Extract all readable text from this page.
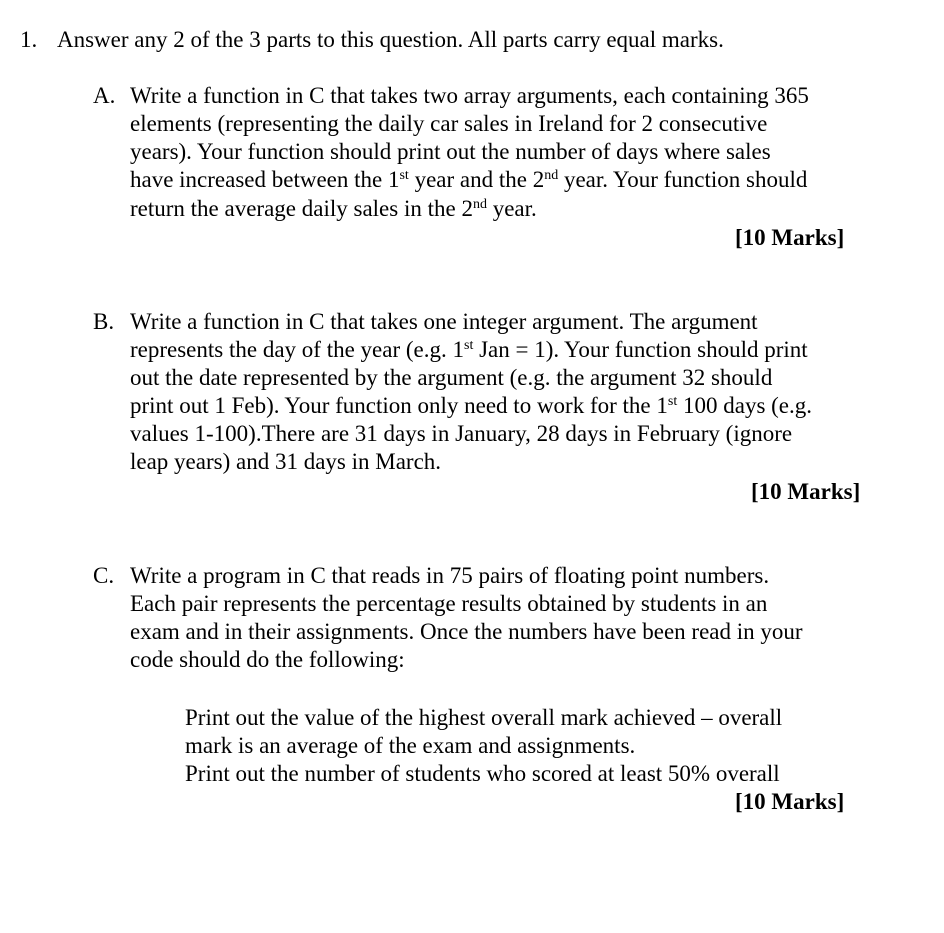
1. Answer any 2 of the 3 parts to this question. All parts carry equal marks.
A. Write a function in C that takes two array arguments, each containing 365
elements (representing the daily car sales in Ireland for 2 consecutive
years). Your function should print out the number of days where sales
have increased between the 1st year and the 2nd year. Your function should
return the average daily sales in the 2nd year.
[10 Marks]
B. Write a function in C that takes one integer argument. The argument
represents the day of the year (e.g. 1st Jan = 1). Your function should print
out the date represented by the argument (e.g. the argument 32 should
print out 1 Feb). Your function only need to work for the 1st 100 days (e.g.
values 1-100).There are 31 days in January, 28 days in February (ignore
leap years) and 31 days in March.
[10 Marks]
C. Write a program in C that reads in 75 pairs of floating point numbers.
Each pair represents the percentage results obtained by students in an
exam and in their assignments. Once the numbers have been read in your
code should do the following:
Print out the value of the highest overall mark achieved – overall
mark is an average of the exam and assignments.
Print out the number of students who scored at least 50% overall
[10 Marks]
